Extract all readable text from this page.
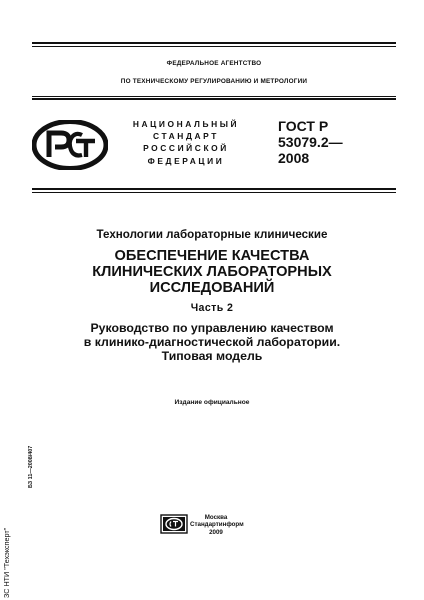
ФЕДЕРАЛЬНОЕ АГЕНТСТВО
ПО ТЕХНИЧЕСКОМУ РЕГУЛИРОВАНИЮ И МЕТРОЛОГИИ
НАЦИОНАЛЬНЫЙ
СТАНДАРТ
РОССИЙСКОЙ
ФЕДЕРАЦИИ
ГОСТ Р
53079.2—
2008
Технологии лабораторные клинические
ОБЕСПЕЧЕНИЕ КАЧЕСТВА
КЛИНИЧЕСКИХ ЛАБОРАТОРНЫХ
ИССЛЕДОВАНИЙ
Часть 2
Руководство по управлению качеством
в клинико-диагностической лаборатории.
Типовая модель
Издание официальное
БЗ 11—2008/407
ЗС НТИ "Техэксперт"
Москва
Стандартинформ
2009
